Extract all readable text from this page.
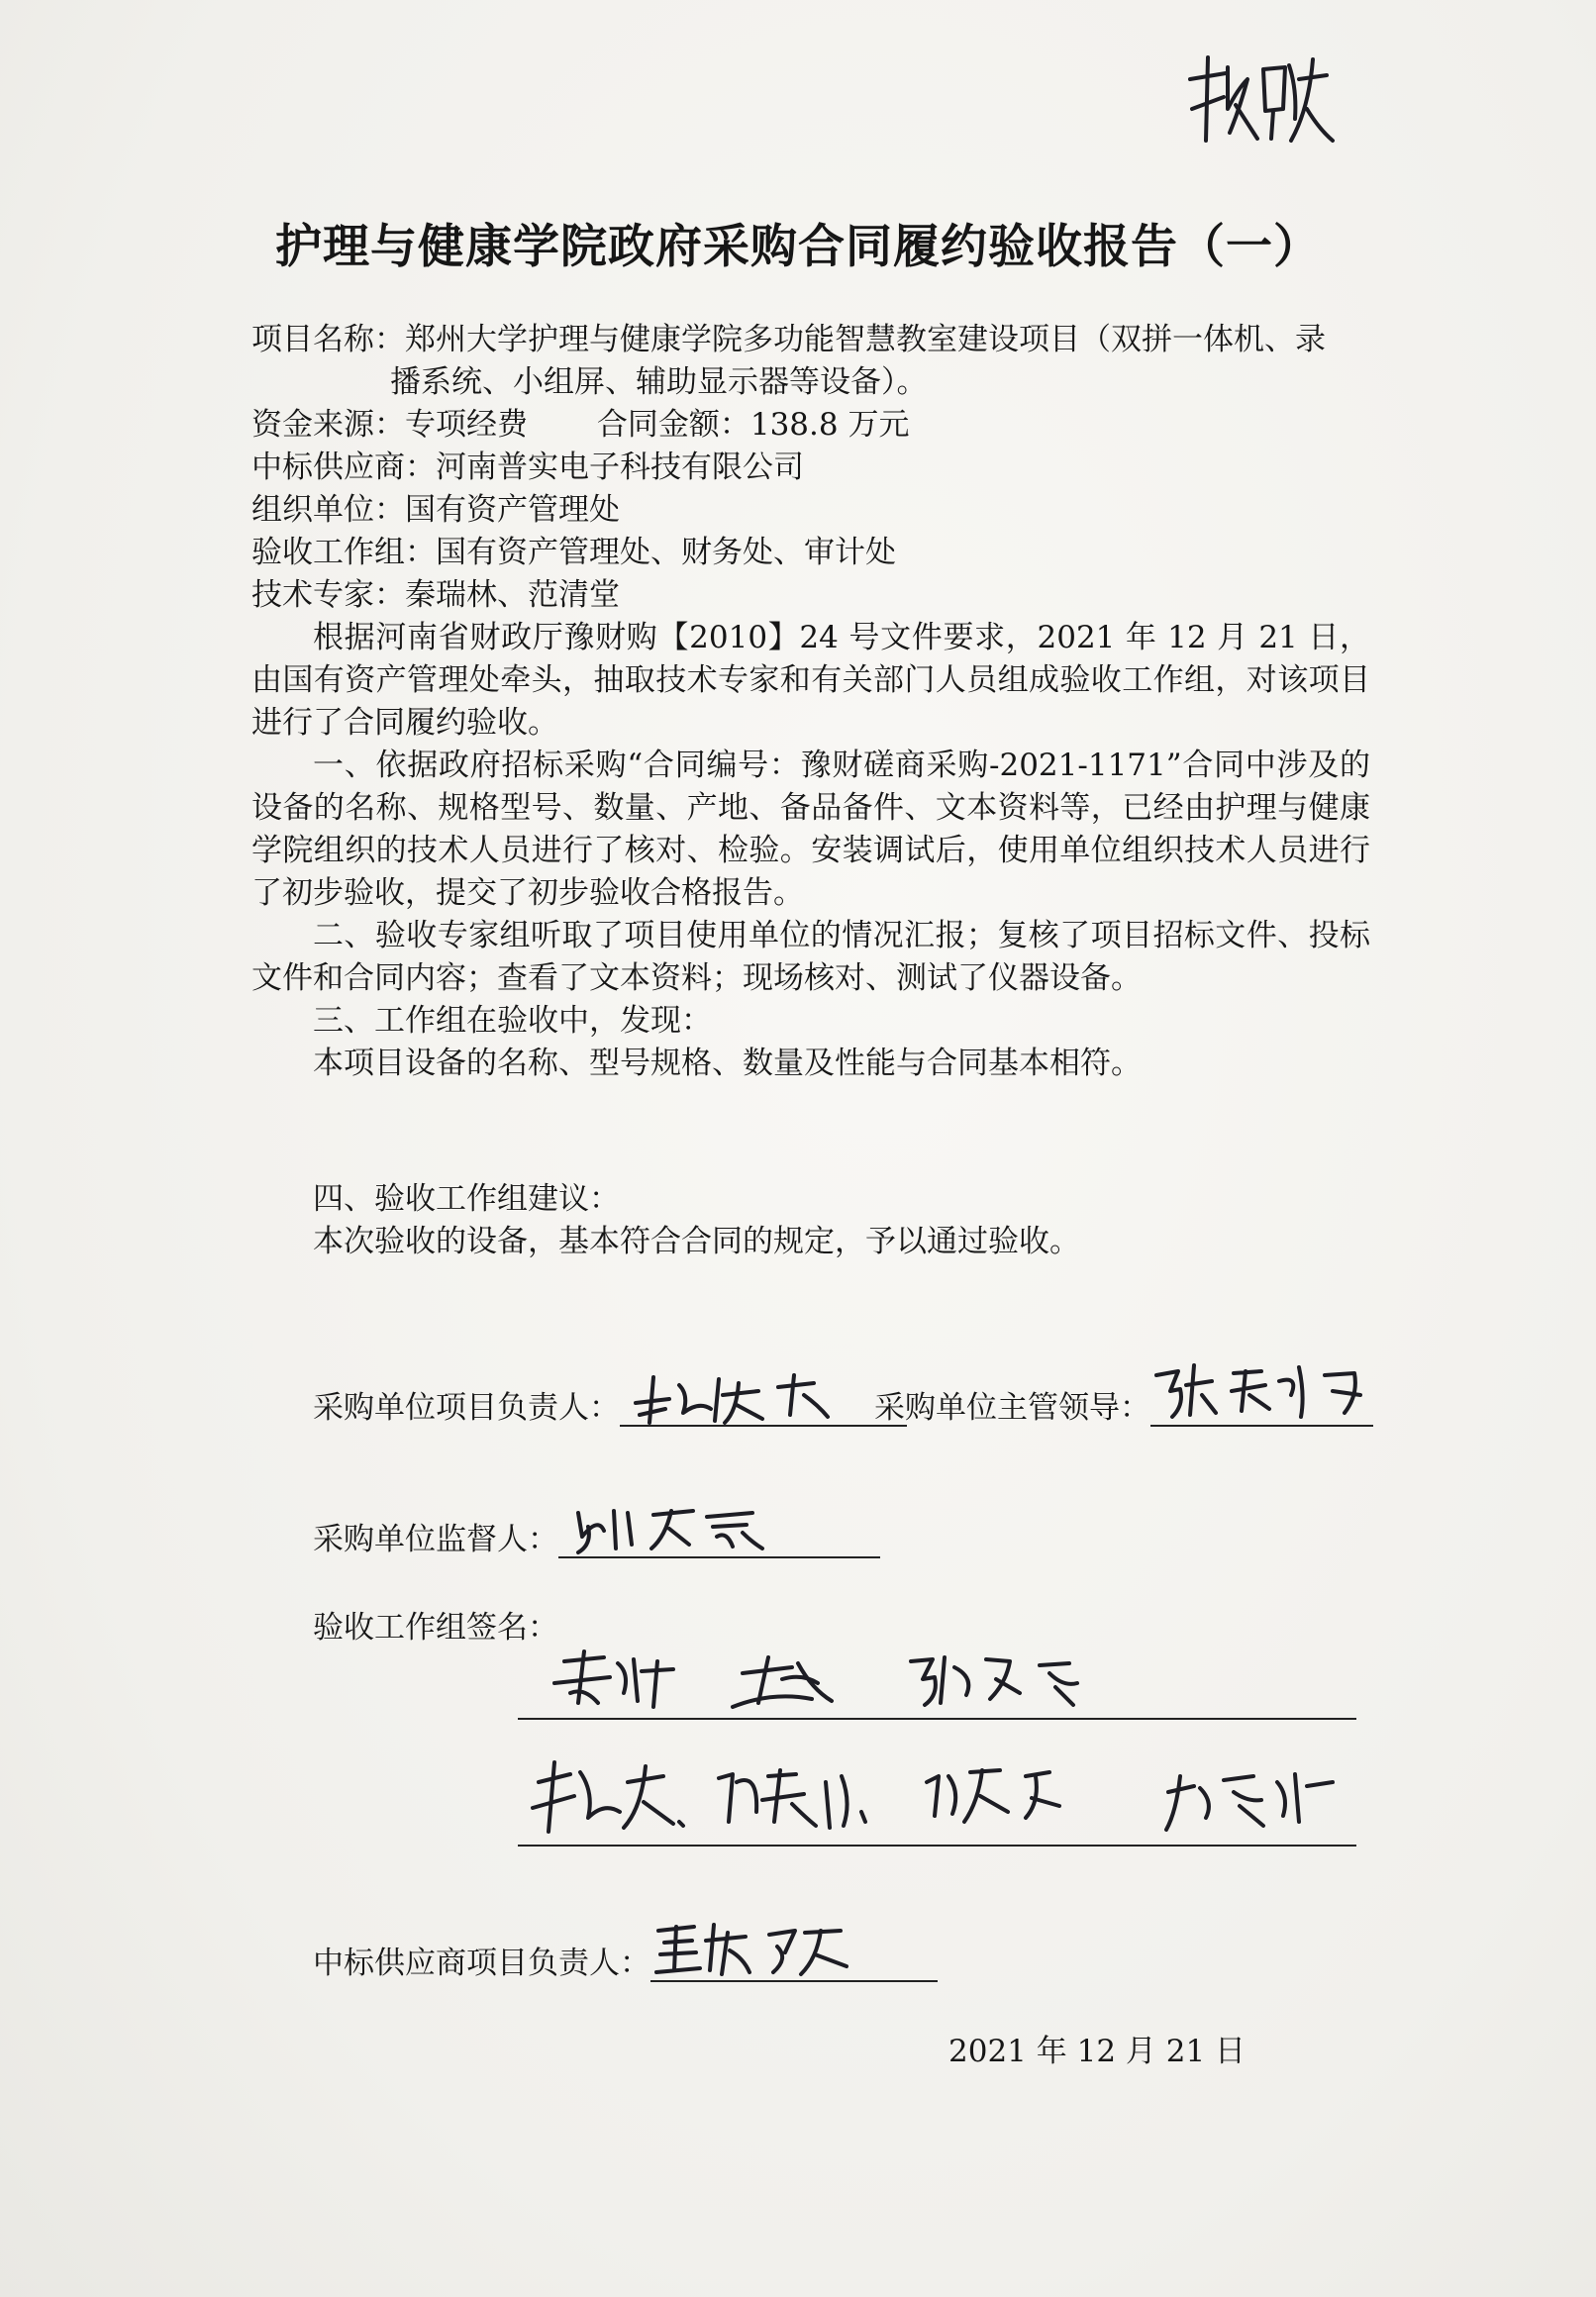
护理与健康学院政府采购合同履约验收报告（一）
项目名称：郑州大学护理与健康学院多功能智慧教室建设项目（双拼一体机、录
播系统、小组屏、辅助显示器等设备）。
资金来源：专项经费 合同金额：138.8 万元
中标供应商：河南普实电子科技有限公司
组织单位：国有资产管理处
验收工作组：国有资产管理处、财务处、审计处
技术专家：秦瑞林、范清堂
根据河南省财政厅豫财购【2010】24 号文件要求，2021 年 12 月 21 日，由国有资产管理处牵头，抽取技术专家和有关部门人员组成验收工作组，对该项目进行了合同履约验收。
一、依据政府招标采购“合同编号：豫财磋商采购-2021-1171”合同中涉及的设备的名称、规格型号、数量、产地、备品备件、文本资料等，已经由护理与健康学院组织的技术人员进行了核对、检验。安装调试后，使用单位组织技术人员进行了初步验收，提交了初步验收合格报告。
二、验收专家组听取了项目使用单位的情况汇报；复核了项目招标文件、投标文件和合同内容；查看了文本资料；现场核对、测试了仪器设备。
三、工作组在验收中，发现：
本项目设备的名称、型号规格、数量及性能与合同基本相符。
四、验收工作组建议：
本次验收的设备，基本符合合同的规定，予以通过验收。
采购单位项目负责人：	采购单位主管领导：
采购单位监督人：
验收工作组签名：
中标供应商项目负责人：
2021 年 12 月 21 日
